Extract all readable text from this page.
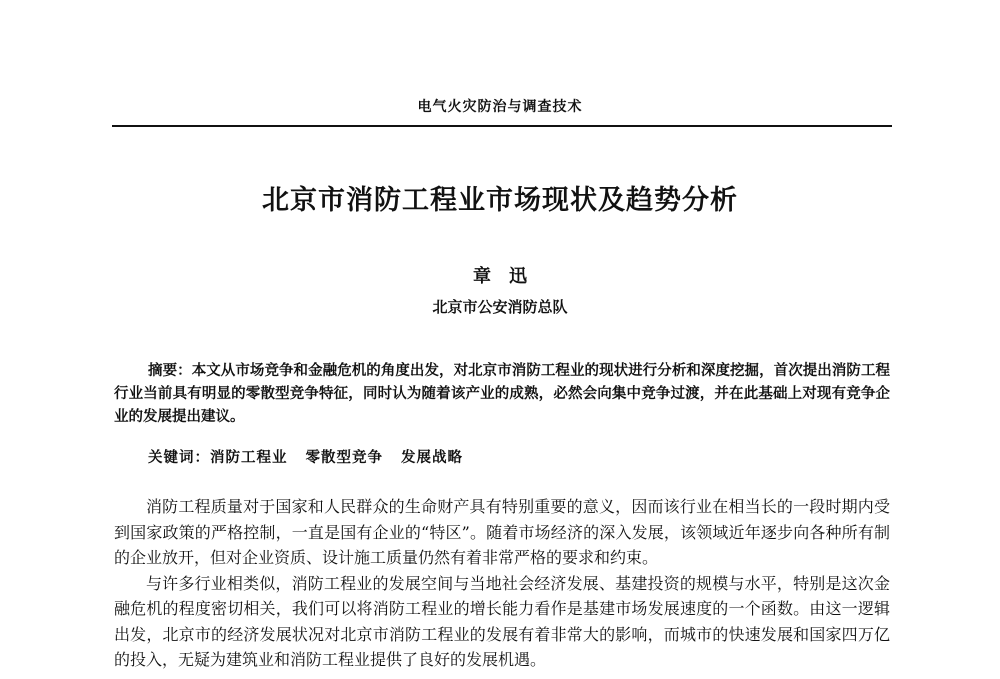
电气火灾防治与调查技术
北京市消防工程业市场现状及趋势分析
章　迅
北京市公安消防总队

摘要：本文从市场竞争和金融危机的角度出发，对北京市消防工程业的现状进行分析和深度挖掘，首次提出消防工程行业当前具有明显的零散型竞争特征，同时认为随着该产业的成熟，必然会向集中竞争过渡，并在此基础上对现有竞争企业的发展提出建议。

关键词：消防工程业 零散型竞争 发展战略

消防工程质量对于国家和人民群众的生命财产具有特别重要的意义，因而该行业在相当长的一段时期内受到国家政策的严格控制，一直是国有企业的“特区”。随着市场经济的深入发展，该领域近年逐步向各种所有制的企业放开，但对企业资质、设计施工质量仍然有着非常严格的要求和约束。

与许多行业相类似，消防工程业的发展空间与当地社会经济发展、基建投资的规模与水平，特别是这次金融危机的程度密切相关，我们可以将消防工程业的增长能力看作是基建市场发展速度的一个函数。由这一逻辑出发，北京市的经济发展状况对北京市消防工程业的发展有着非常大的影响，而城市的快速发展和国家四万亿的投入，无疑为建筑业和消防工程业提供了良好的发展机遇。
